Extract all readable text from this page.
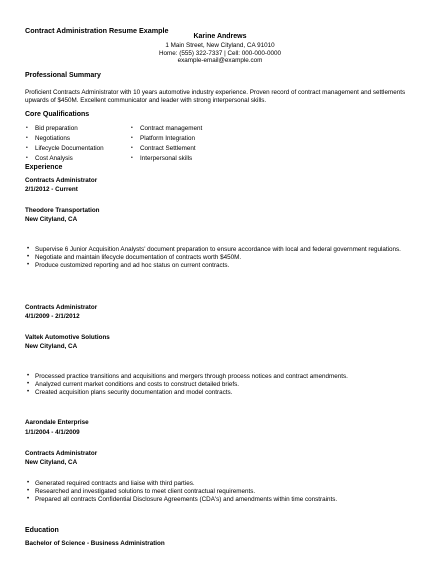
Contract Administration Resume Example
Karine Andrews
1 Main Street, New Cityland, CA 91010
Home: (555) 322-7337 | Cell: 000-000-0000
example-email@example.com
Professional Summary
Proficient Contracts Administrator with 10 years automotive industry experience. Proven record of contract management and settlements upwards of $450M. Excellent communicator and leader with strong interpersonal skills.
Core Qualifications
• Bid preparation
• Negotiations
• Lifecycle Documentation
• Cost Analysis
• Contract management
• Platform Integration
• Contract Settlement
• Interpersonal skills
Experience
Contracts Administrator
2/1/2012 - Current
Theodore Transportation
New Cityland, CA
• Supervise 6 Junior Acquisition Analysts' document preparation to ensure accordance with local and federal government regulations.
• Negotiate and maintain lifecycle documentation of contracts worth $450M.
• Produce customized reporting and ad hoc status on current contracts.
Contracts Administrator
4/1/2009 - 2/1/2012
Valtek Automotive Solutions
New Cityland, CA
• Processed practice transitions and acquisitions and mergers through process notices and contract amendments.
• Analyzed current market conditions and costs to construct detailed briefs.
• Created acquisition plans security documentation and model contracts.
Aarondale Enterprise
1/1/2004 - 4/1/2009
Contracts Administrator
New Cityland, CA
• Generated required contracts and liaise with third parties.
• Researched and investigated solutions to meet client contractual requirements.
• Prepared all contracts Confidential Disclosure Agreements (CDA's) and amendments within time constraints.
Education
Bachelor of Science - Business Administration
